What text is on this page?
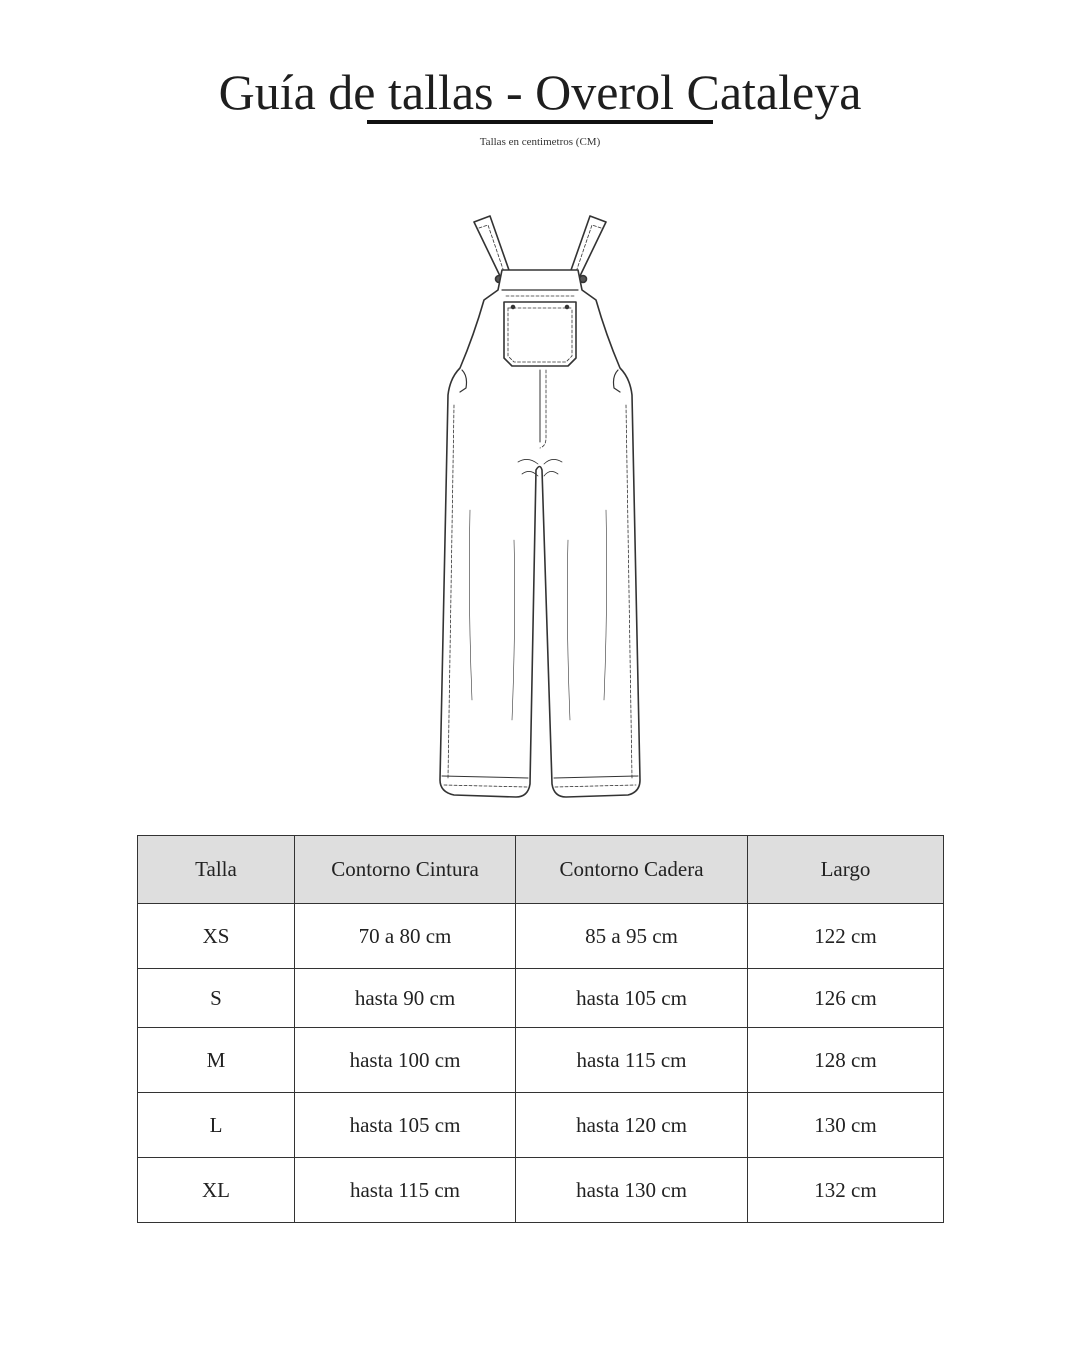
Guía de tallas - Overol Cataleya
Tallas en centimetros (CM)
Talla	Contorno Cintura	Contorno Cadera	Largo
XS	70 a 80 cm	85 a 95 cm	122 cm
S	hasta 90 cm	hasta 105 cm	126 cm
M	hasta 100 cm	hasta 115 cm	128 cm
L	hasta 105 cm	hasta 120 cm	130 cm
XL	hasta 115 cm	hasta 130 cm	132 cm
